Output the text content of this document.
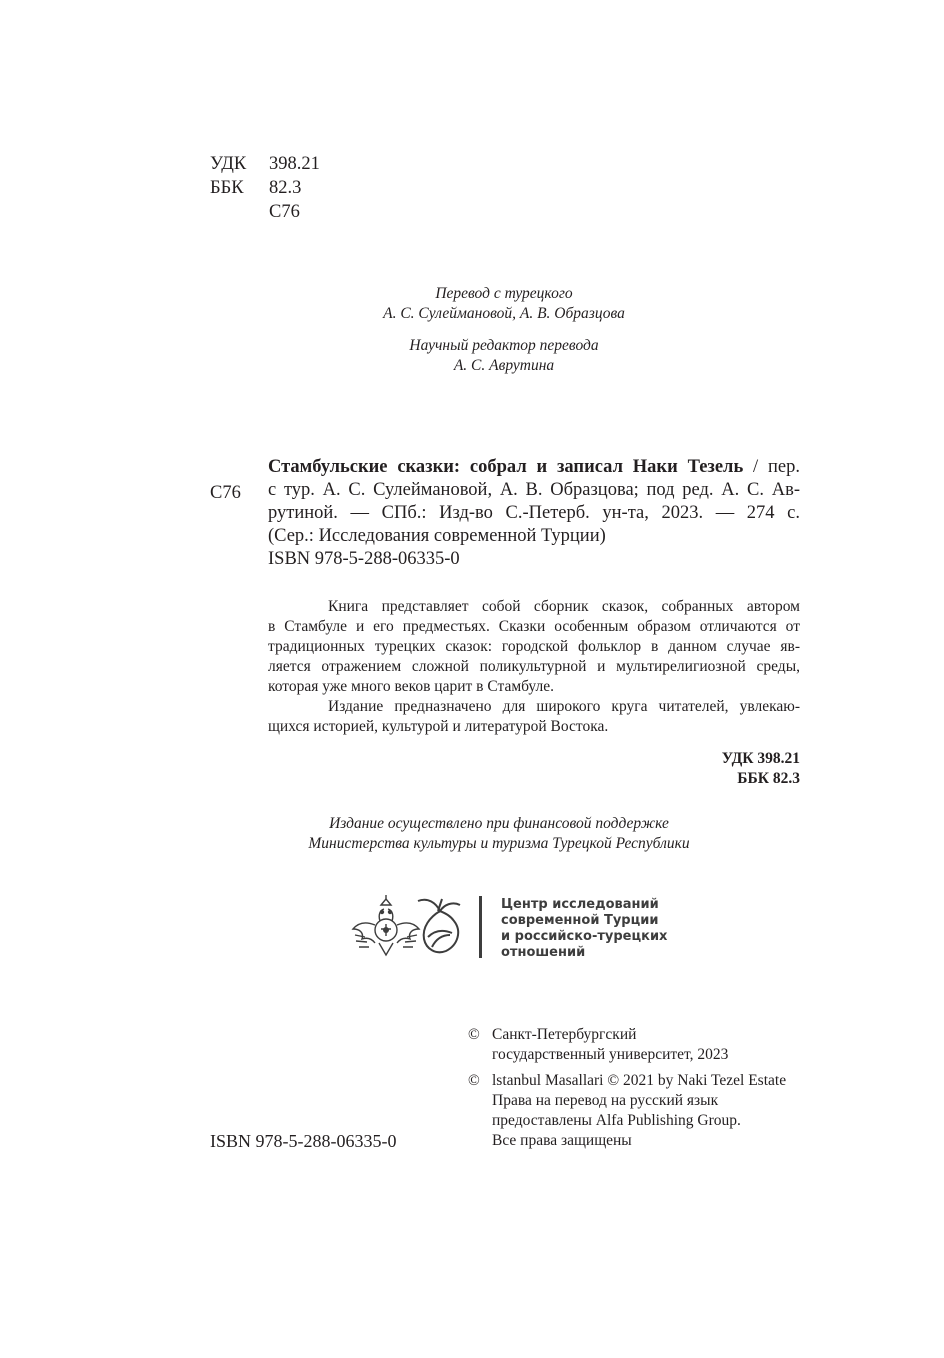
УДК	398.21
ББК	82.3
С76
Перевод с турецкого
А. С. Сулеймановой, А. В. Образцова
Научный редактор перевода
А. С. Аврутина
С76
Стамбульские сказки: собрал и записал Наки Тезель / пер.
с тур. А. С. Сулеймановой, А. В. Образцова; под ред. А. С. Ав-
рутиной. — СПб.: Изд-во С.-Петерб. ун-та, 2023. — 274 с.
(Сер.: Исследования современной Турции)
ISBN 978-5-288-06335-0
Книга представляет собой сборник сказок, собранных автором
в Стамбуле и его предместьях. Сказки особенным образом отличаются от
традиционных турецких сказок: городской фольклор в данном случае яв-
ляется отражением сложной поликультурной и мультирелигиозной среды,
которая уже много веков царит в Стамбуле.
Издание предназначено для широкого круга читателей, увлекаю-
щихся историей, культурой и литературой Востока.
УДК 398.21
ББК 82.3
Издание осуществлено при финансовой поддержке
Министерства культуры и туризма Турецкой Республики
Центр исследований
современной Турции
и российско-турецких
отношений
© Санкт-Петербургский
государственный университет, 2023
© lstanbul Masallari © 2021 by Naki Tezel Estate
Права на перевод на русский язык
предоставлены Alfa Publishing Group.
Все права защищены
ISBN 978-5-288-06335-0
